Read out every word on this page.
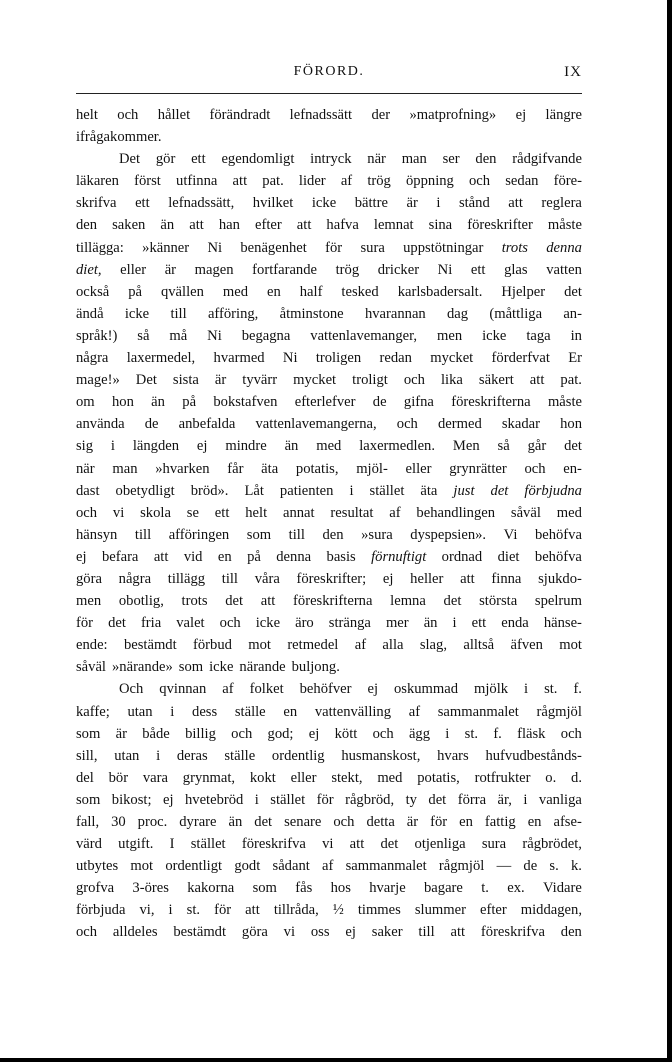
FÖRORD.	IX
helt och hållet förändradt lefnadssätt der »matprofning» ej längre
ifrågakommer.
Det gör ett egendomligt intryck när man ser den rådgifvande
läkaren först utfinna att pat. lider af trög öppning och sedan före-
skrifva ett lefnadssätt, hvilket icke bättre är i stånd att reglera
den saken än att han efter att hafva lemnat sina föreskrifter måste
tillägga: »känner Ni benägenhet för sura uppstötningar trots denna
diet, eller är magen fortfarande trög dricker Ni ett glas vatten
också på qvällen med en half tesked karlsbadersalt. Hjelper det
ändå icke till afföring, åtminstone hvarannan dag (måttliga an-
språk!) så må Ni begagna vattenlavemanger, men icke taga in
några laxermedel, hvarmed Ni troligen redan mycket förderfvat Er
mage!» Det sista är tyvärr mycket troligt och lika säkert att pat.
om hon än på bokstafven efterlefver de gifna föreskrifterna måste
använda de anbefalda vattenlavemangerna, och dermed skadar hon
sig i längden ej mindre än med laxermedlen. Men så går det
när man »hvarken får äta potatis, mjöl- eller grynrätter och en-
dast obetydligt bröd». Låt patienten i stället äta just det förbjudna
och vi skola se ett helt annat resultat af behandlingen såväl med
hänsyn till afföringen som till den »sura dyspepsien». Vi behöfva
ej befara att vid en på denna basis förnuftigt ordnad diet behöfva
göra några tillägg till våra föreskrifter; ej heller att finna sjukdo-
men obotlig, trots det att föreskrifterna lemna det största spelrum
för det fria valet och icke äro stränga mer än i ett enda hänse-
ende: bestämdt förbud mot retmedel af alla slag, alltså äfven mot
såväl »närande» som icke närande buljong.
Och qvinnan af folket behöfver ej oskummad mjölk i st. f.
kaffe; utan i dess ställe en vattenvälling af sammanmalet rågmjöl
som är både billig och god; ej kött och ägg i st. f. fläsk och
sill, utan i deras ställe ordentlig husmanskost, hvars hufvudbestånds-
del bör vara grynmat, kokt eller stekt, med potatis, rotfrukter o. d.
som bikost; ej hvetebröd i stället för rågbröd, ty det förra är, i vanliga
fall, 30 proc. dyrare än det senare och detta är för en fattig en afse-
värd utgift. I stället föreskrifva vi att det otjenliga sura rågbrödet,
utbytes mot ordentligt godt sådant af sammanmalet rågmjöl — de s. k.
grofva 3-öres kakorna som fås hos hvarje bagare t. ex. Vidare
förbjuda vi, i st. för att tillråda, ½ timmes slummer efter middagen,
och alldeles bestämdt göra vi oss ej saker till att föreskrifva den
